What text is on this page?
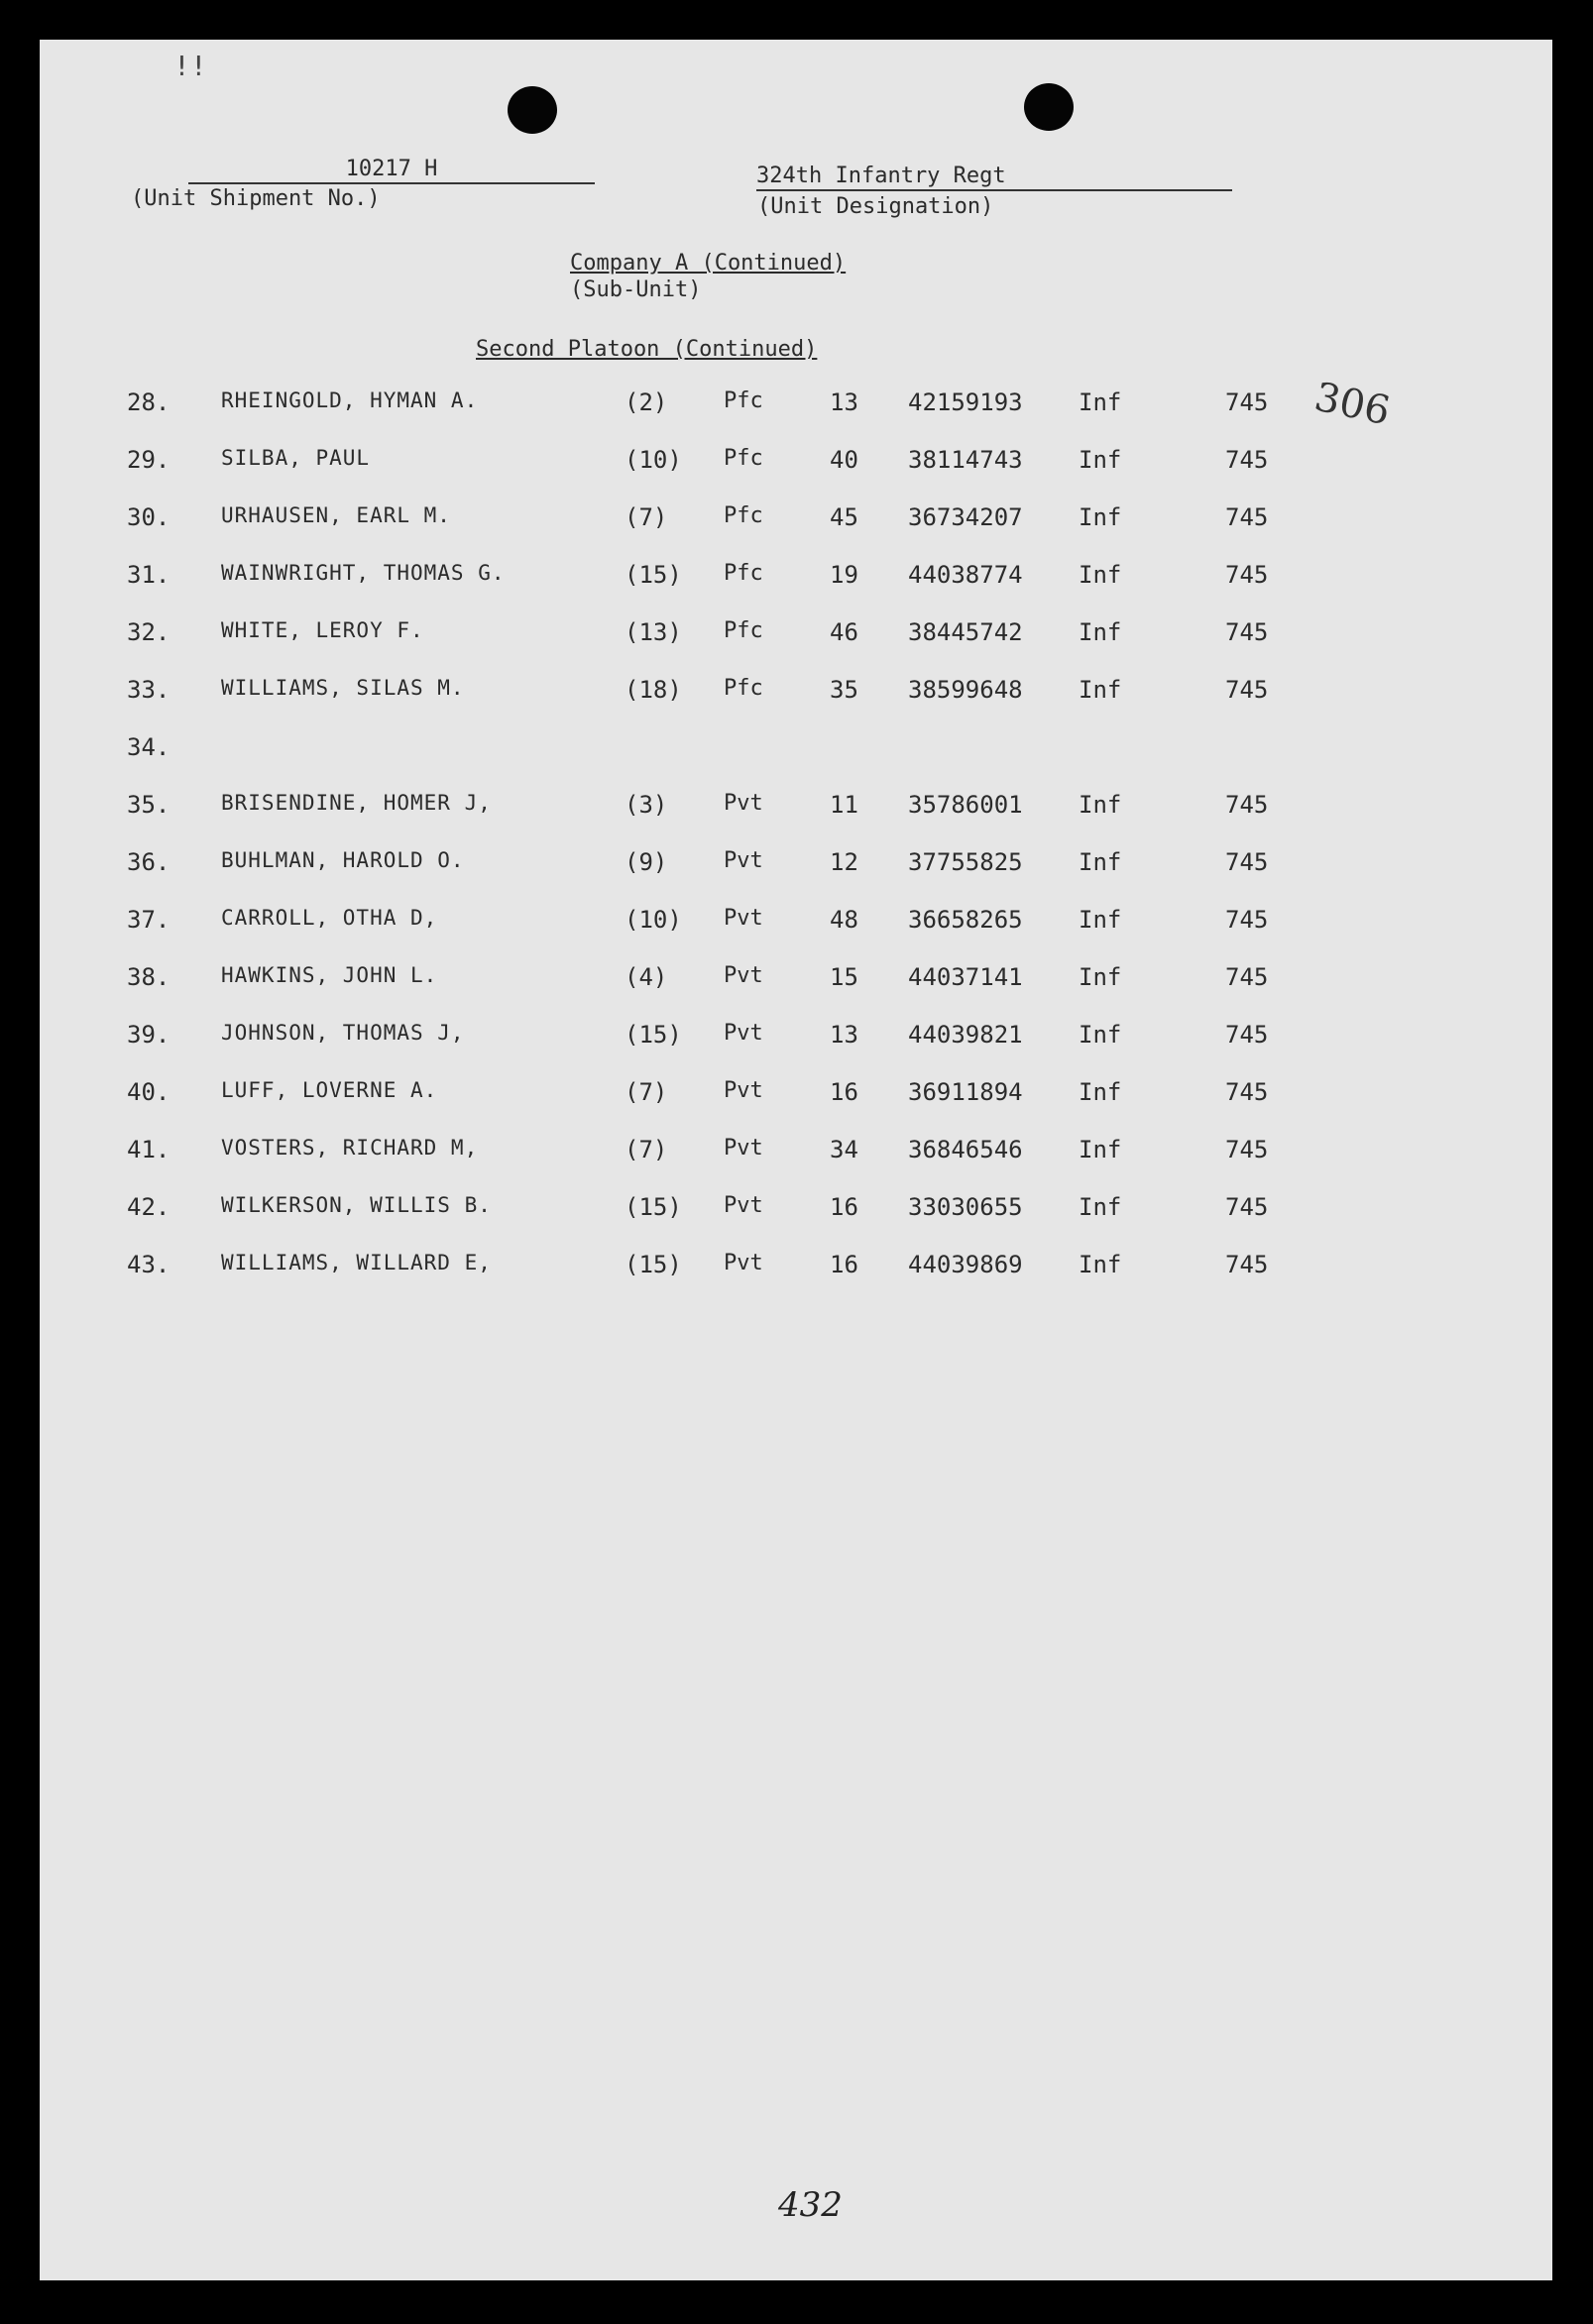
!!
10217 H
(Unit Shipment No.)
324th Infantry Regt
(Unit Designation)
Company A (Continued)
(Sub-Unit)
Second Platoon (Continued)
306
28. RHEINGOLD, HYMAN A.	(2)	Pfc	13 42159193 Inf	745
29. SILBA, PAUL	(10) Pfc	40 38114743 Inf	745
30. URHAUSEN, EARL M.	(7)	Pfc	45 36734207 Inf	745
31. WAINWRIGHT, THOMAS G.	(15) Pfc	19 44038774 Inf	745
32. WHITE, LEROY F.	(13) Pfc	46 38445742 Inf	745
33. WILLIAMS, SILAS M.	(18) Pfc	35 38599648 Inf	745
34.
35. BRISENDINE, HOMER J,	(3)	Pvt	11 35786001 Inf	745
36. BUHLMAN, HAROLD O.	(9)	Pvt	12 37755825 Inf	745
37. CARROLL, OTHA D,	(10) Pvt	48 36658265 Inf	745
38. HAWKINS, JOHN L.	(4)	Pvt	15 44037141 Inf	745
39. JOHNSON, THOMAS J,	(15) Pvt	13 44039821 Inf	745
40. LUFF, LOVERNE A.	(7)	Pvt	16 36911894 Inf	745
41. VOSTERS, RICHARD M,	(7)	Pvt	34 36846546 Inf	745
42. WILKERSON, WILLIS B.	(15) Pvt	16 33030655 Inf	745
43. WILLIAMS, WILLARD E,	(15) Pvt	16 44039869 Inf	745
432
